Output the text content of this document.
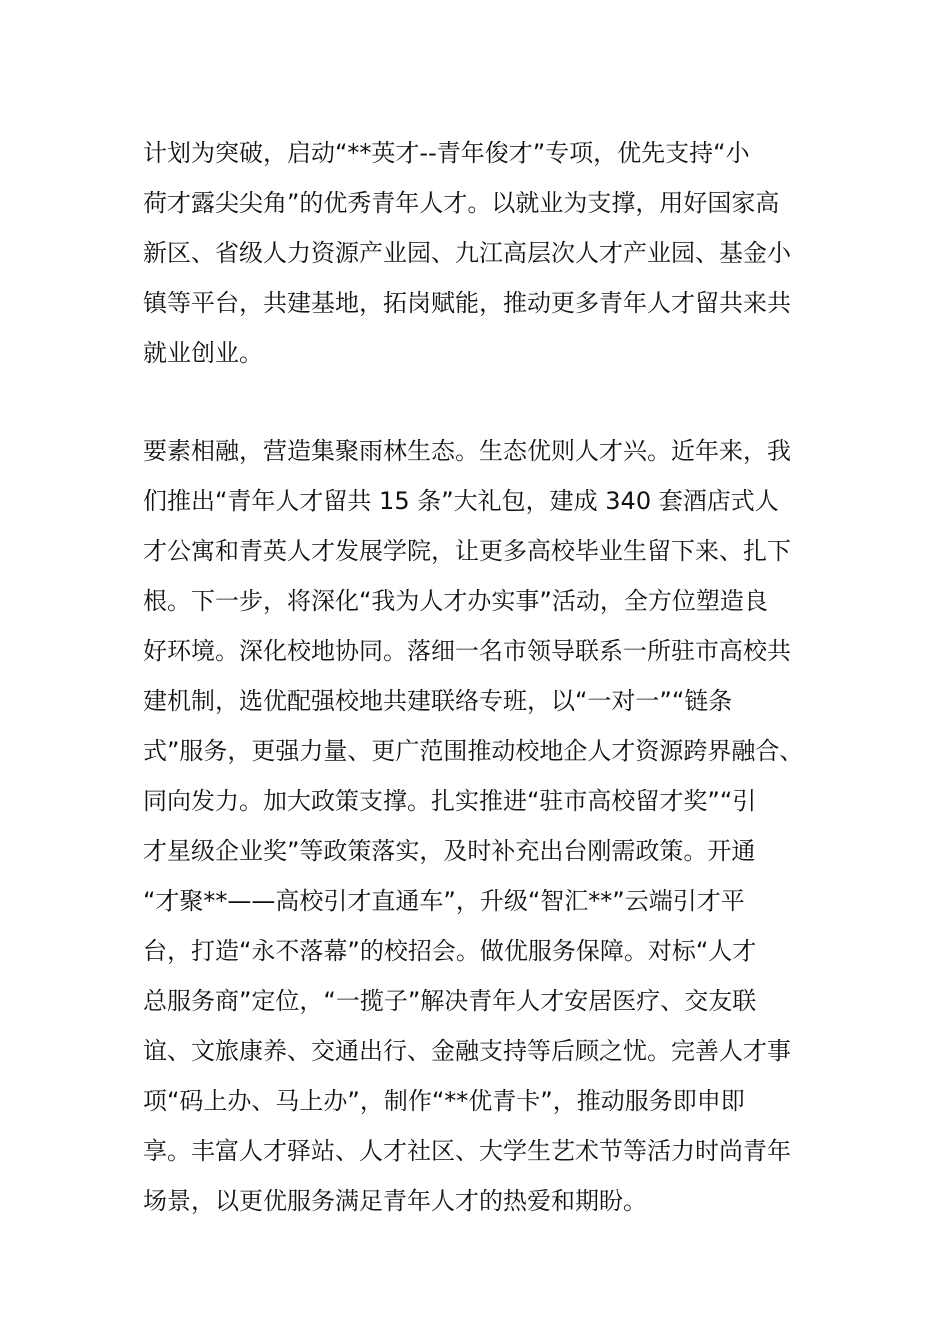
计划为突破，启动“**英才--青年俊才”专项，优先支持“小
荷才露尖尖角”的优秀青年人才。以就业为支撑，用好国家高
新区、省级人力资源产业园、九江高层次人才产业园、基金小
镇等平台，共建基地，拓岗赋能，推动更多青年人才留共来共
就业创业。
要素相融，营造集聚雨林生态。生态优则人才兴。近年来，我
们推出“青年人才留共 15 条”大礼包，建成 340 套酒店式人
才公寓和青英人才发展学院，让更多高校毕业生留下来、扎下
根。下一步，将深化“我为人才办实事”活动，全方位塑造良
好环境。深化校地协同。落细一名市领导联系一所驻市高校共
建机制，选优配强校地共建联络专班，以“一对一”“链条
式”服务，更强力量、更广范围推动校地企人才资源跨界融合、
同向发力。加大政策支撑。扎实推进“驻市高校留才奖”“引
才星级企业奖”等政策落实，及时补充出台刚需政策。开通
“才聚**——高校引才直通车”，升级“智汇**”云端引才平
台，打造“永不落幕”的校招会。做优服务保障。对标“人才
总服务商”定位，“一揽子”解决青年人才安居医疗、交友联
谊、文旅康养、交通出行、金融支持等后顾之忧。完善人才事
项“码上办、马上办”，制作“**优青卡”，推动服务即申即
享。丰富人才驿站、人才社区、大学生艺术节等活力时尚青年
场景，以更优服务满足青年人才的热爱和期盼。
